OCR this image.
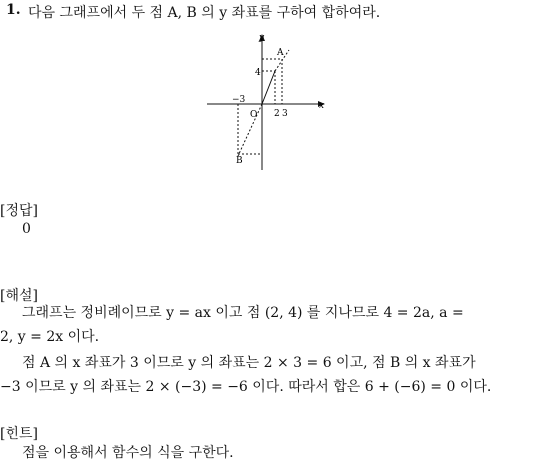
1. 다음 그래프에서 두 점 A, B 의 y 좌표를 구하여 합하여라.
y
x
O
A
B
4
−3
2 3
[정답]
0
[해설]
그래프는 정비례이므로 y = ax 이고 점 (2, 4) 를 지나므로 4 = 2a, a =
2, y = 2x 이다.
점 A 의 x 좌표가 3 이므로 y 의 좌표는 2 × 3 = 6 이고, 점 B 의 x 좌표가
−3 이므로 y 의 좌표는 2 × (−3) = −6 이다. 따라서 합은 6 + (−6) = 0 이다.
[힌트]
점을 이용해서 함수의 식을 구한다.
